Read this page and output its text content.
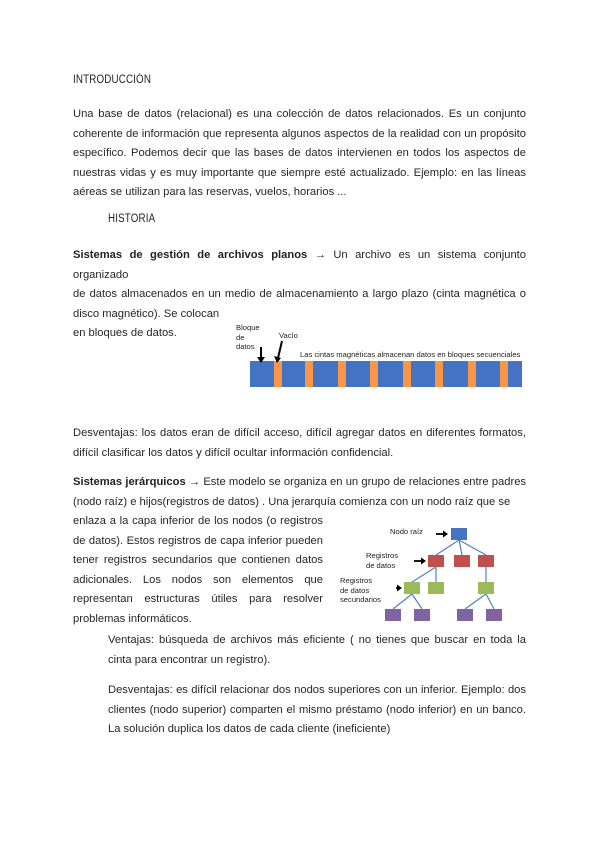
INTRODUCCIÓN
Una base de datos (relacional) es una colección de datos relacionados. Es un conjunto coherente de información que representa algunos aspectos de la realidad con un propósito específico. Podemos decir que las bases de datos intervienen en todos los aspectos de nuestras vidas y es muy importante que siempre esté actualizado. Ejemplo: en las líneas aéreas se utilizan para las reservas, vuelos, horarios ...
HISTORIA
Sistemas de gestión de archivos planos → Un archivo es un sistema conjunto organizado
de datos almacenados en un medio de almacenamiento a largo plazo (cinta magnética o
disco magnético). Se colocan
en bloques de datos.	Bloque
de
datos
Vacío
Las cintas magnéticas almacenan datos en bloques secuenciales
Desventajas: los datos eran de difícil acceso, difícil agregar datos en diferentes formatos, difícil clasificar los datos y difícil ocultar información confidencial.
Sistemas jerárquicos → Este modelo se organiza en un grupo de relaciones entre padres (nodo raíz) e hijos(registros de datos) . Una jerarquía comienza con un nodo raíz que se
enlaza a la capa inferior de los nodos (o registros de datos). Estos registros de capa inferior pueden tener registros secundarios que contienen datos adicionales. Los nodos son elementos que representan estructuras útiles para resolver problemas informáticos.
Nodo raíz
Registros
de datos
Registros
de datos
secundarios
Ventajas: búsqueda de archivos más eficiente ( no tienes que buscar en toda la cinta para encontrar un registro).
Desventajas: es difícil relacionar dos nodos superiores con un inferior. Ejemplo: dos clientes (nodo superior) comparten el mismo préstamo (nodo inferior) en un banco. La solución duplica los datos de cada cliente (ineficiente)
